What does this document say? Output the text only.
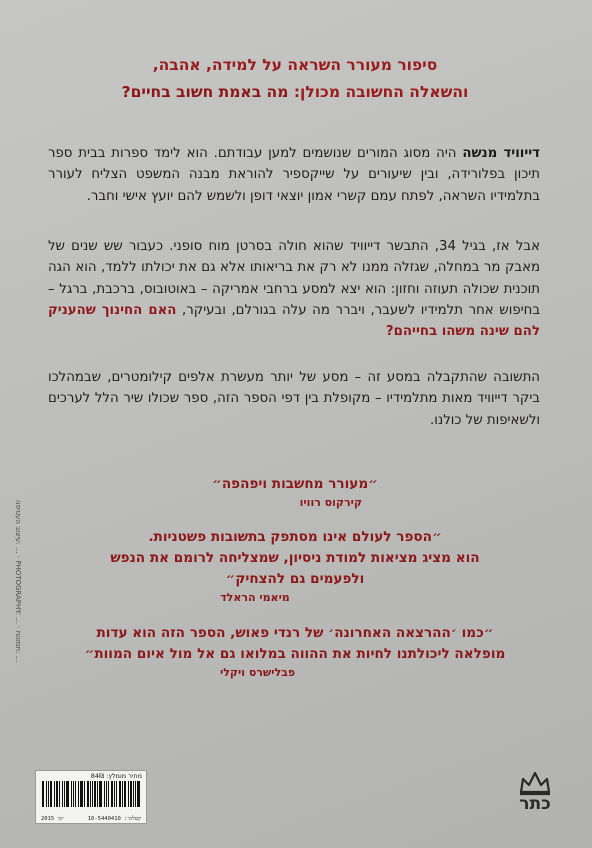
סיפור מעורר השראה על למידה, אהבה,
והשאלה החשובה מכולן: מה באמת חשוב בחיים?
דייוויד מנשה היה מסוג המורים שנושמים למען עבודתם. הוא לימד ספרות בבית ספר תיכון בפלורידה, ובין שיעורים על שייקספיר להוראת מבנה המשפט הצליח לעורר בתלמידיו השראה, לפתח עמם קשרי אמון יוצאי דופן ולשמש להם יועץ אישי וחבר.
אבל אז, בגיל 34, התבשר דייוויד שהוא חולה בסרטן מוח סופני. כעבור שש שנים של מאבק מר במחלה, שגזלה ממנו לא רק את בריאותו אלא גם את יכולתו ללמד, הוא הגה תוכנית שכולה תעוזה וחזון: הוא יצא למסע ברחבי אמריקה – באוטובוס, ברכבת, ברגל – בחיפוש אחר תלמידיו לשעבר, ויברר מה עלה בגורלם, ובעיקר, האם החינוך שהעניק להם שינה משהו בחייהם?
התשובה שהתקבלה במסע זה – מסע של יותר מעשרת אלפים קילומטרים, שבמהלכו ביקר דייוויד מאות מתלמידיו – מקופלת בין דפי הספר הזה, ספר שכולו שיר הלל לערכים ולשאיפות של כולנו.
״מעורר מחשבות ויפהפה״
קירקוס רוויו
״הספר לעולם אינו מסתפק בתשובות פשטניות.
הוא מציג מציאות למודת ניסיון, שמצליחה לרומם את הנפש
ולפעמים גם להצחיק״
מיאמי הראלד
״כמו ׳ההרצאה האחרונה׳ של רנדי פאוש, הספר הזה הוא עדות
מופלאה ליכולתנו לחיות את ההווה במלואו גם אל מול איום המוות״
פבלישרס ויקלי
עיצוב העטיפה: ... · PHOTOGRAPHY: ... · תמונות: ...
מחיר מומלץ: 84₪
יוני 2015	קטלוגי: 10-5440410
כתר
